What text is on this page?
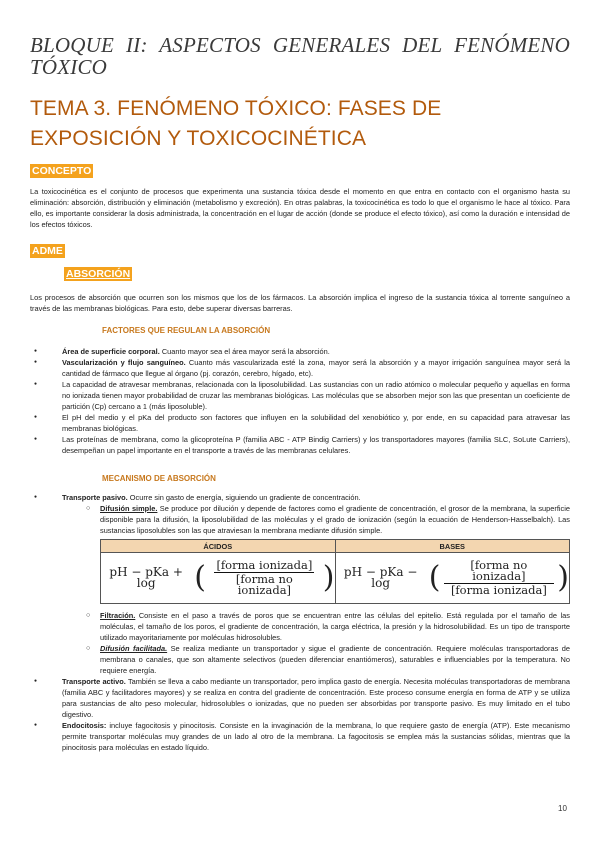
BLOQUE II: ASPECTOS GENERALES DEL FENÓMENO TÓXICO
TEMA 3. FENÓMENO TÓXICO: FASES DE EXPOSICIÓN Y TOXICOCINÉTICA
CONCEPTO
La toxicocinética es el conjunto de procesos que experimenta una sustancia tóxica desde el momento en que entra en contacto con el organismo hasta su eliminación: absorción, distribución y eliminación (metabolismo y excreción). En otras palabras, la toxicocinética es todo lo que el organismo le hace al tóxico. Para ello, es importante considerar la dosis administrada, la concentración en el lugar de acción (donde se produce el efecto tóxico), así como la duración e intensidad de los efectos tóxicos.
ADME
ABSORCIÓN
Los procesos de absorción que ocurren son los mismos que los de los fármacos. La absorción implica el ingreso de la sustancia tóxica al torrente sanguíneo a través de las membranas biológicas. Para esto, debe superar diversas barreras.
FACTORES QUE REGULAN LA ABSORCIÓN
● Área de superficie corporal. Cuanto mayor sea el área mayor será la absorción.
● Vascularización y flujo sanguíneo. Cuanto más vascularizada esté la zona, mayor será la absorción y a mayor irrigación sanguínea mayor será la cantidad de fármaco que llegue al órgano (pj. corazón, cerebro, hígado, etc).
● La capacidad de atravesar membranas, relacionada con la liposolubilidad. Las sustancias con un radio atómico o molecular pequeño y aquellas en forma no ionizada tienen mayor probabilidad de cruzar las membranas biológicas. Las moléculas que se absorben mejor son las que presentan un coeficiente de partición (Cp) cercano a 1 (más liposoluble).
● El pH del medio y el pKa del producto son factores que influyen en la solubilidad del xenobiótico y, por ende, en su capacidad para atravesar las membranas biológicas.
● Las proteínas de membrana, como la glicoproteína P (familia ABC - ATP Bindig Carriers) y los transportadores mayores (familia SLC, SoLute Carriers), desempeñan un papel importante en el transporte a través de las membranas celulares.
MECANISMO DE ABSORCIÓN
● Transporte pasivo. Ocurre sin gasto de energía, siguiendo un gradiente de concentración.
○ Difusión simple. Se produce por dilución y depende de factores como el gradiente de concentración, el grosor de la membrana, la superficie disponible para la difusión, la liposolubilidad de las moléculas y el grado de ionización (según la ecuación de Henderson-Hasselbalch). Las sustancias liposolubles son las que atraviesan la membrana mediante difusión simple.
ÁCIDOS	BASES

pH − pKa + log ( $\frac{\text{[forma ionizada]}}{\text{[forma no ionizada]}}$ )	pH − pKa − log ( $\frac{\text{[forma no ionizada]}}{\text{[forma ionizada]}}$ )
○ Filtración. Consiste en el paso a través de poros que se encuentran entre las células del epitelio. Está regulada por el tamaño de las moléculas, el tamaño de los poros, el gradiente de concentración, la carga eléctrica, la presión y la hidrosolubilidad. Es un tipo de transporte utilizado mayoritariamente por moléculas hidrosolubles.
○ Difusión facilitada. Se realiza mediante un transportador y sigue el gradiente de concentración. Requiere moléculas transportadoras de membrana o canales, que son altamente selectivos (pueden diferenciar enantiómeros), saturables e influenciables por la temperatura. No requiere energía.
● Transporte activo. También se lleva a cabo mediante un transportador, pero implica gasto de energía. Necesita moléculas transportadoras de membrana (familia ABC y facilitadores mayores) y se realiza en contra del gradiente de concentración. Este proceso consume energía en forma de ATP y se utiliza para sustancias de alto peso molecular, hidrosolubles o ionizadas, que no pueden ser absorbidas por transporte pasivo. Es muy limitado en el tubo digestivo.
● Endocitosis: incluye fagocitosis y pinocitosis. Consiste en la invaginación de la membrana, lo que requiere gasto de energía (ATP). Este mecanismo permite transportar moléculas muy grandes de un lado al otro de la membrana. La fagocitosis se emplea más la sustancias sólidas, mientras que la pinocitosis para moléculas en estado líquido.
10
